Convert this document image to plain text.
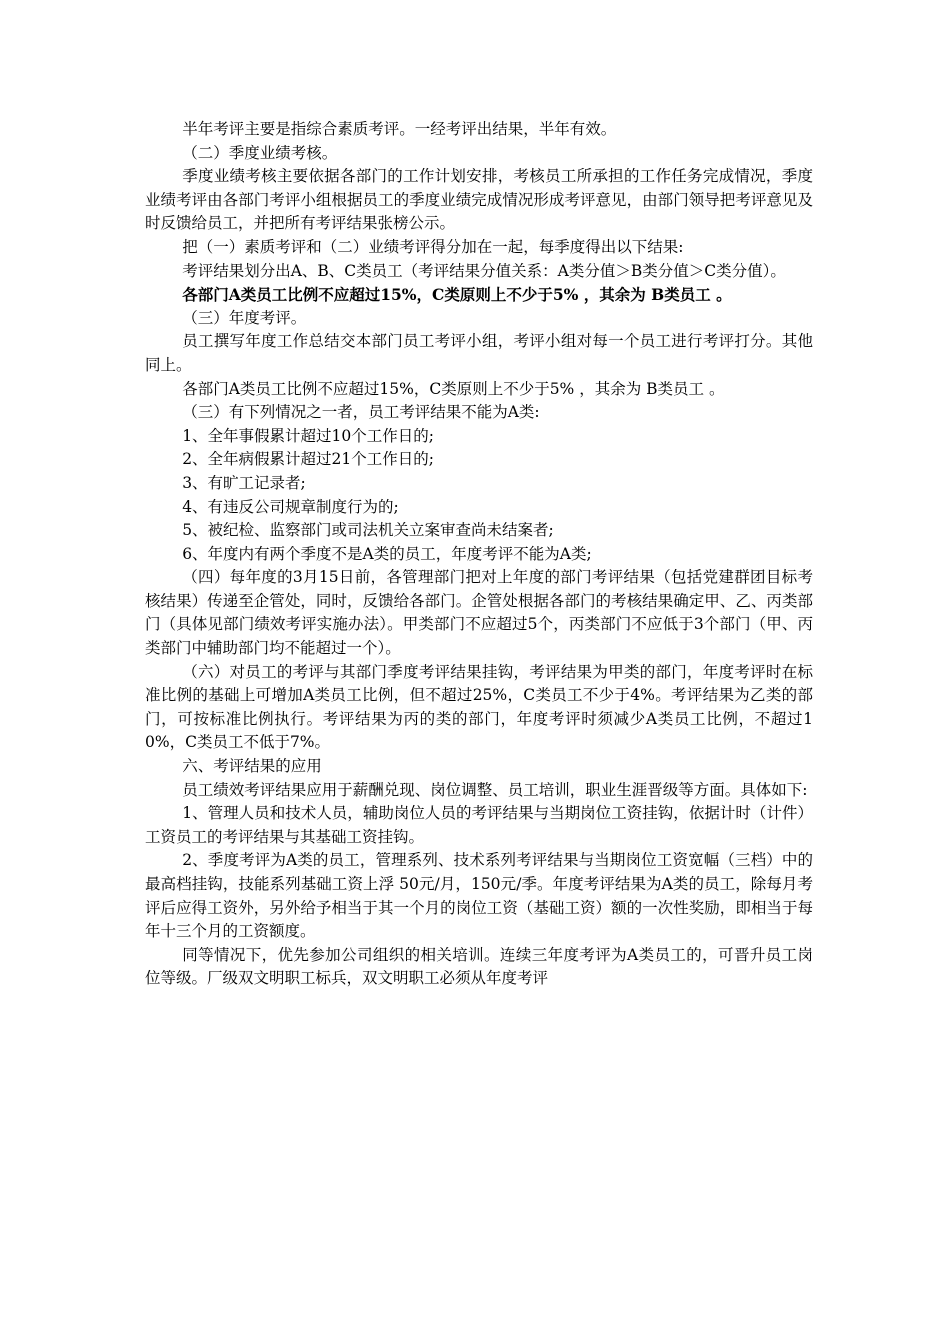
半年考评主要是指综合素质考评。一经考评出结果，半年有效。

（二）季度业绩考核。

季度业绩考核主要依据各部门的工作计划安排，考核员工所承担的工作任务完成情况，季度业绩考评由各部门考评小组根据员工的季度业绩完成情况形成考评意见，由部门领导把考评意见及时反馈给员工，并把所有考评结果张榜公示。

把（一）素质考评和（二）业绩考评得分加在一起，每季度得出以下结果:

考评结果划分出A、B、C类员工（考评结果分值关系：A类分值＞B类分值＞C类分值）。

各部门A类员工比例不应超过15%，C类原则上不少于5% ，其余为 B类员工 。

（三）年度考评。

员工撰写年度工作总结交本部门员工考评小组，考评小组对每一个员工进行考评打分。其他同上。

各部门A类员工比例不应超过15%，C类原则上不少于5% ，其余为 B类员工 。

（三）有下列情况之一者，员工考评结果不能为A类:

1、全年事假累计超过10个工作日的;

2、全年病假累计超过21个工作日的;

3、有旷工记录者;

4、有违反公司规章制度行为的;

5、被纪检、监察部门或司法机关立案审查尚未结案者;

6、年度内有两个季度不是A类的员工，年度考评不能为A类;

（四）每年度的3月15日前，各管理部门把对上年度的部门考评结果（包括党建群团目标考核结果）传递至企管处，同时，反馈给各部门。企管处根据各部门的考核结果确定甲、乙、丙类部门（具体见部门绩效考评实施办法）。甲类部门不应超过5个，丙类部门不应低于3个部门（甲、丙类部门中辅助部门均不能超过一个）。

（六）对员工的考评与其部门季度考评结果挂钩，考评结果为甲类的部门，年度考评时在标准比例的基础上可增加A类员工比例，但不超过25%，C类员工不少于4%。考评结果为乙类的部门，可按标准比例执行。考评结果为丙的类的部门，年度考评时须减少A类员工比例，不超过10%，C类员工不低于7%。

六、考评结果的应用

员工绩效考评结果应用于薪酬兑现、岗位调整、员工培训，职业生涯晋级等方面。具体如下:

1、管理人员和技术人员，辅助岗位人员的考评结果与当期岗位工资挂钩，依据计时（计件）工资员工的考评结果与其基础工资挂钩。

2、季度考评为A类的员工，管理系列、技术系列考评结果与当期岗位工资宽幅（三档）中的最高档挂钩，技能系列基础工资上浮 50元/月，150元/季。年度考评结果为A类的员工，除每月考评后应得工资外，另外给予相当于其一个月的岗位工资（基础工资）额的一次性奖励，即相当于每年十三个月的工资额度。

同等情况下，优先参加公司组织的相关培训。连续三年度考评为A类员工的，可晋升员工岗位等级。厂级双文明职工标兵，双文明职工必须从年度考评
